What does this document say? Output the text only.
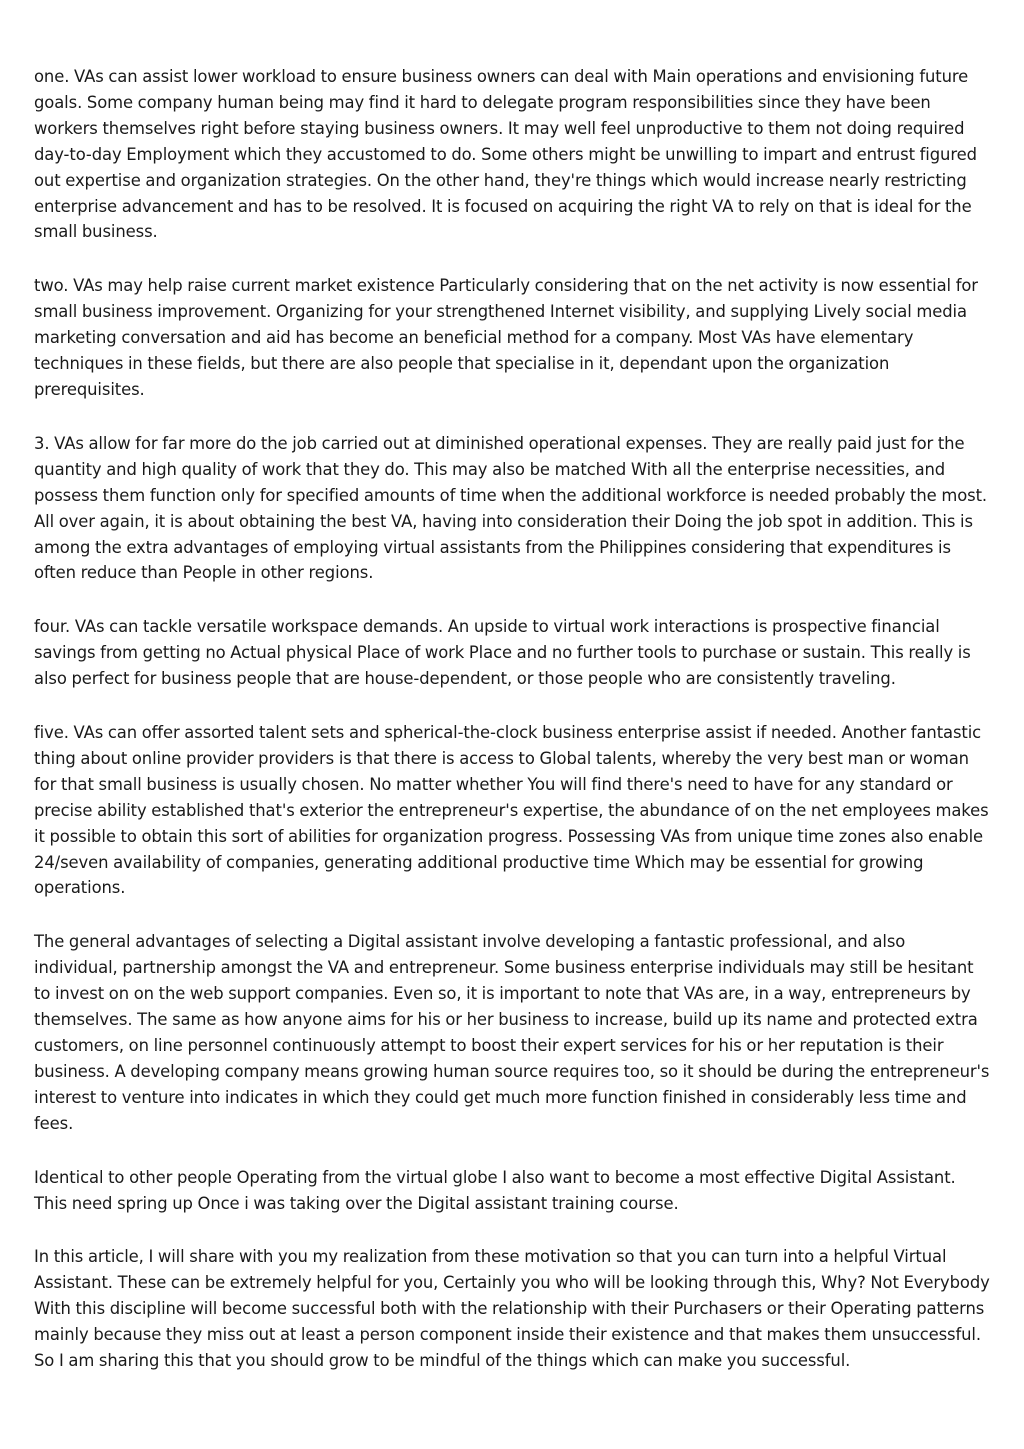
one. VAs can assist lower workload to ensure business owners can deal with Main operations and envisioning future goals. Some company human being may find it hard to delegate program responsibilities since they have been workers themselves right before staying business owners. It may well feel unproductive to them not doing required day-to-day Employment which they accustomed to do. Some others might be unwilling to impart and entrust figured out expertise and organization strategies. On the other hand, they're things which would increase nearly restricting enterprise advancement and has to be resolved. It is focused on acquiring the right VA to rely on that is ideal for the small business.

two. VAs may help raise current market existence Particularly considering that on the net activity is now essential for small business improvement. Organizing for your strengthened Internet visibility, and supplying Lively social media marketing conversation and aid has become an beneficial method for a company. Most VAs have elementary techniques in these fields, but there are also people that specialise in it, dependant upon the organization prerequisites.

3. VAs allow for far more do the job carried out at diminished operational expenses. They are really paid just for the quantity and high quality of work that they do. This may also be matched With all the enterprise necessities, and possess them function only for specified amounts of time when the additional workforce is needed probably the most. All over again, it is about obtaining the best VA, having into consideration their Doing the job spot in addition. This is among the extra advantages of employing virtual assistants from the Philippines considering that expenditures is often reduce than People in other regions.

four. VAs can tackle versatile workspace demands. An upside to virtual work interactions is prospective financial savings from getting no Actual physical Place of work Place and no further tools to purchase or sustain. This really is also perfect for business people that are house-dependent, or those people who are consistently traveling.

five. VAs can offer assorted talent sets and spherical-the-clock business enterprise assist if needed. Another fantastic thing about online provider providers is that there is access to Global talents, whereby the very best man or woman for that small business is usually chosen. No matter whether You will find there's need to have for any standard or precise ability established that's exterior the entrepreneur's expertise, the abundance of on the net employees makes it possible to obtain this sort of abilities for organization progress. Possessing VAs from unique time zones also enable 24/seven availability of companies, generating additional productive time Which may be essential for growing operations.

The general advantages of selecting a Digital assistant involve developing a fantastic professional, and also individual, partnership amongst the VA and entrepreneur. Some business enterprise individuals may still be hesitant to invest on on the web support companies. Even so, it is important to note that VAs are, in a way, entrepreneurs by themselves. The same as how anyone aims for his or her business to increase, build up its name and protected extra customers, on line personnel continuously attempt to boost their expert services for his or her reputation is their business. A developing company means growing human source requires too, so it should be during the entrepreneur's interest to venture into indicates in which they could get much more function finished in considerably less time and fees.

Identical to other people Operating from the virtual globe I also want to become a most effective Digital Assistant. This need spring up Once i was taking over the Digital assistant training course.

In this article, I will share with you my realization from these motivation so that you can turn into a helpful Virtual Assistant. These can be extremely helpful for you, Certainly you who will be looking through this, Why? Not Everybody With this discipline will become successful both with the relationship with their Purchasers or their Operating patterns mainly because they miss out at least a person component inside their existence and that makes them unsuccessful. So I am sharing this that you should grow to be mindful of the things which can make you successful.
